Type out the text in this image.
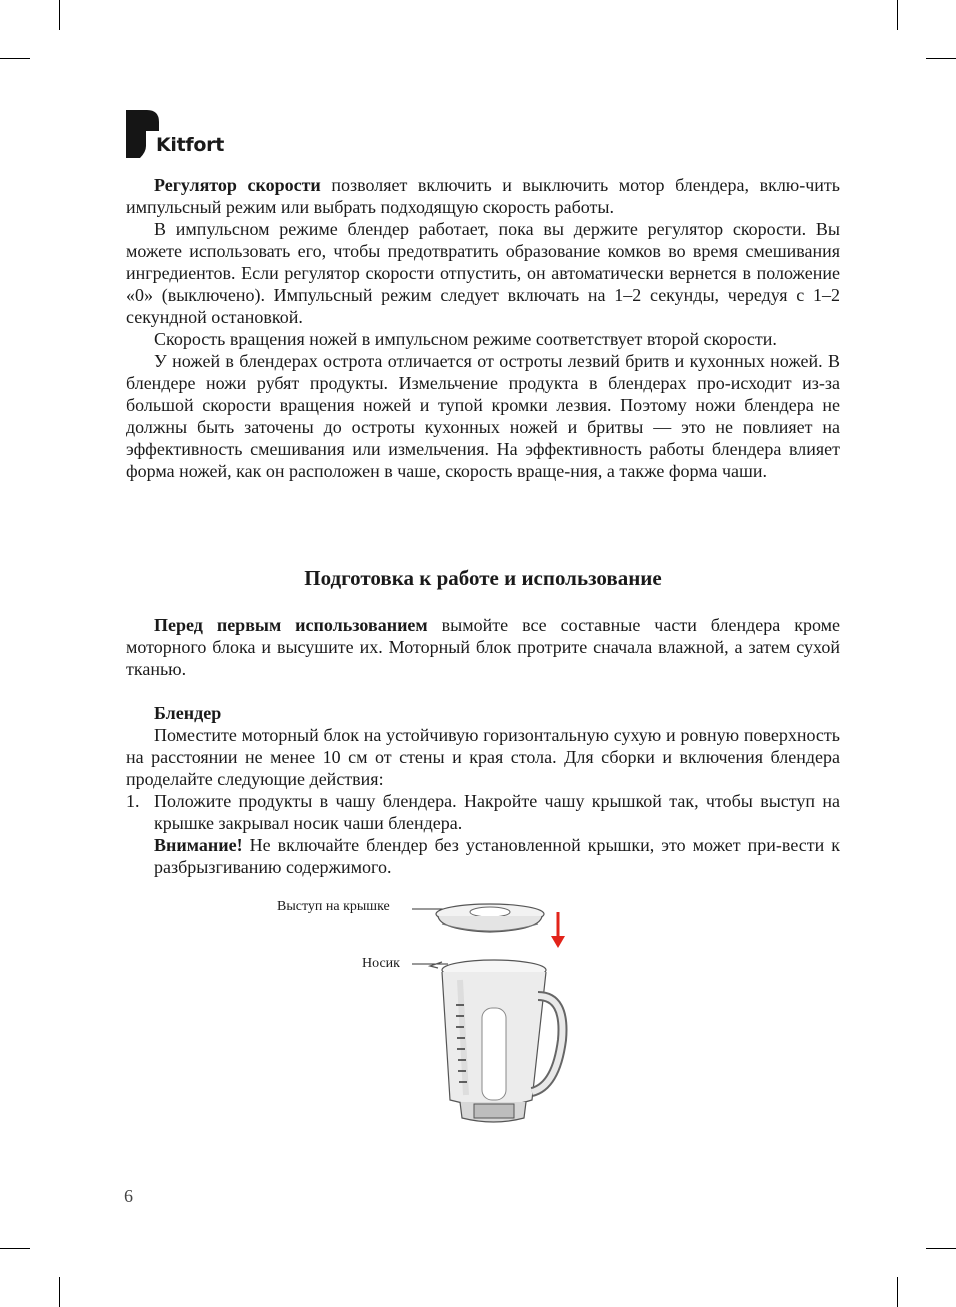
Kitfort

Регулятор скорости позволяет включить и выключить мотор блендера, вклю-чить импульсный режим или выбрать подходящую скорость работы.

В импульсном режиме блендер работает, пока вы держите регулятор скорости. Вы можете использовать его, чтобы предотвратить образование комков во время смешивания ингредиентов. Если регулятор скорости отпустить, он автоматически вернется в положение «0» (выключено). Импульсный режим следует включать на 1–2 секунды, чередуя с 1–2 секундной остановкой.

Скорость вращения ножей в импульсном режиме соответствует второй скорости.

У ножей в блендерах острота отличается от остроты лезвий бритв и кухонных ножей. В блендере ножи рубят продукты. Измельчение продукта в блендерах про-исходит из-за большой скорости вращения ножей и тупой кромки лезвия. Поэтому ножи блендера не должны быть заточены до остроты кухонных ножей и бритвы — это не повлияет на эффективность смешивания или измельчения. На эффективность работы блендера влияет форма ножей, как он расположен в чаше, скорость враще-ния, а также форма чаши.

Подготовка к работе и использование

Перед первым использованием вымойте все составные части блендера кроме моторного блока и высушите их. Моторный блок протрите сначала влажной, а затем сухой тканью.

Блендер

Поместите моторный блок на устойчивую горизонтальную сухую и ровную поверхность на расстоянии не менее 10 см от стены и края стола. Для сборки и включения блендера проделайте следующие действия:

1. Положите продукты в чашу блендера. Накройте чашу крышкой так, чтобы выступ на крышке закрывал носик чаши блендера.

Внимание! Не включайте блендер без установленной крышки, это может при-вести к разбрызгиванию содержимого.

Выступ на крышке
Носик
6
